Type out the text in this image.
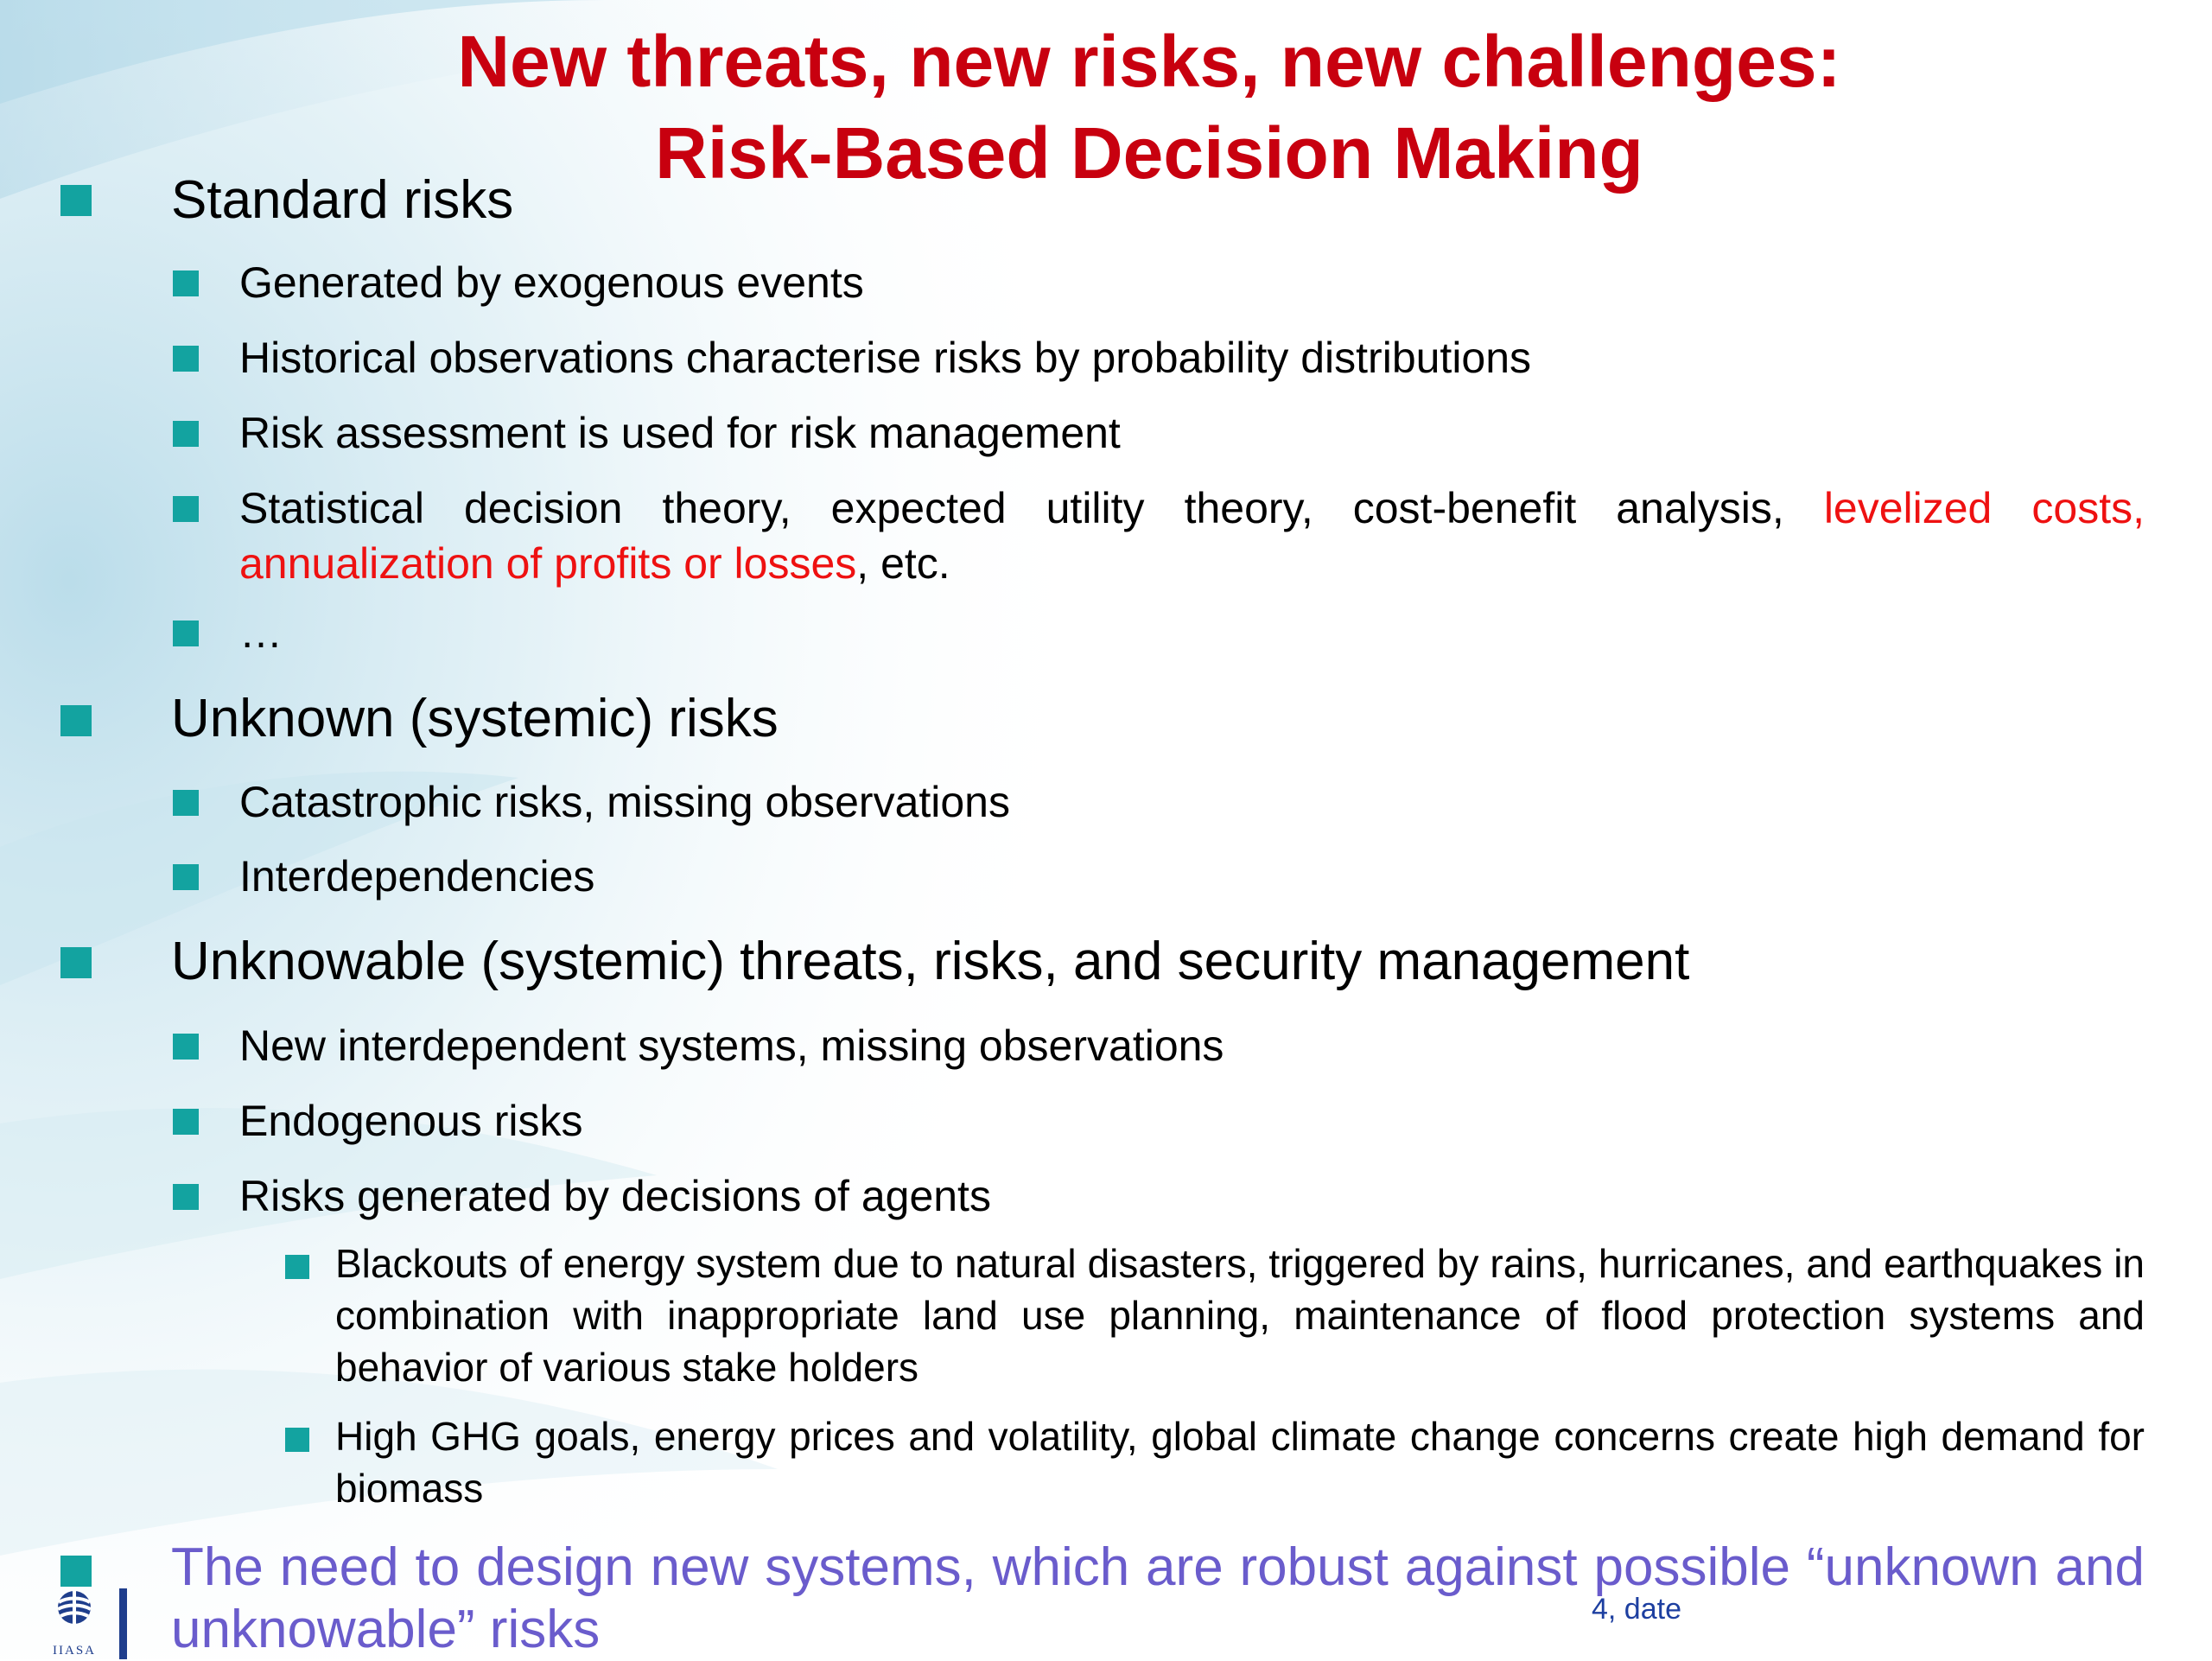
New threats, new risks, new challenges:
Risk-Based Decision Making
Standard risks
Generated by exogenous events
Historical observations characterise risks by probability distributions
Risk assessment is used for risk management
Statistical decision theory, expected utility theory, cost-benefit analysis, levelized costs, annualization of profits or losses, etc.
…
Unknown (systemic) risks
Catastrophic risks, missing observations
Interdependencies
Unknowable (systemic) threats, risks, and security management
New interdependent systems, missing observations
Endogenous risks
Risks generated by decisions of agents
Blackouts of energy system due to natural disasters, triggered by rains, hurricanes, and earthquakes in combination with inappropriate land use planning, maintenance of flood protection systems and behavior of various stake holders
High GHG goals, energy prices and volatility, global climate change concerns create high demand for biomass
The need to design new systems, which are robust against possible “unknown and unknowable” risks
IIASA
4, date
